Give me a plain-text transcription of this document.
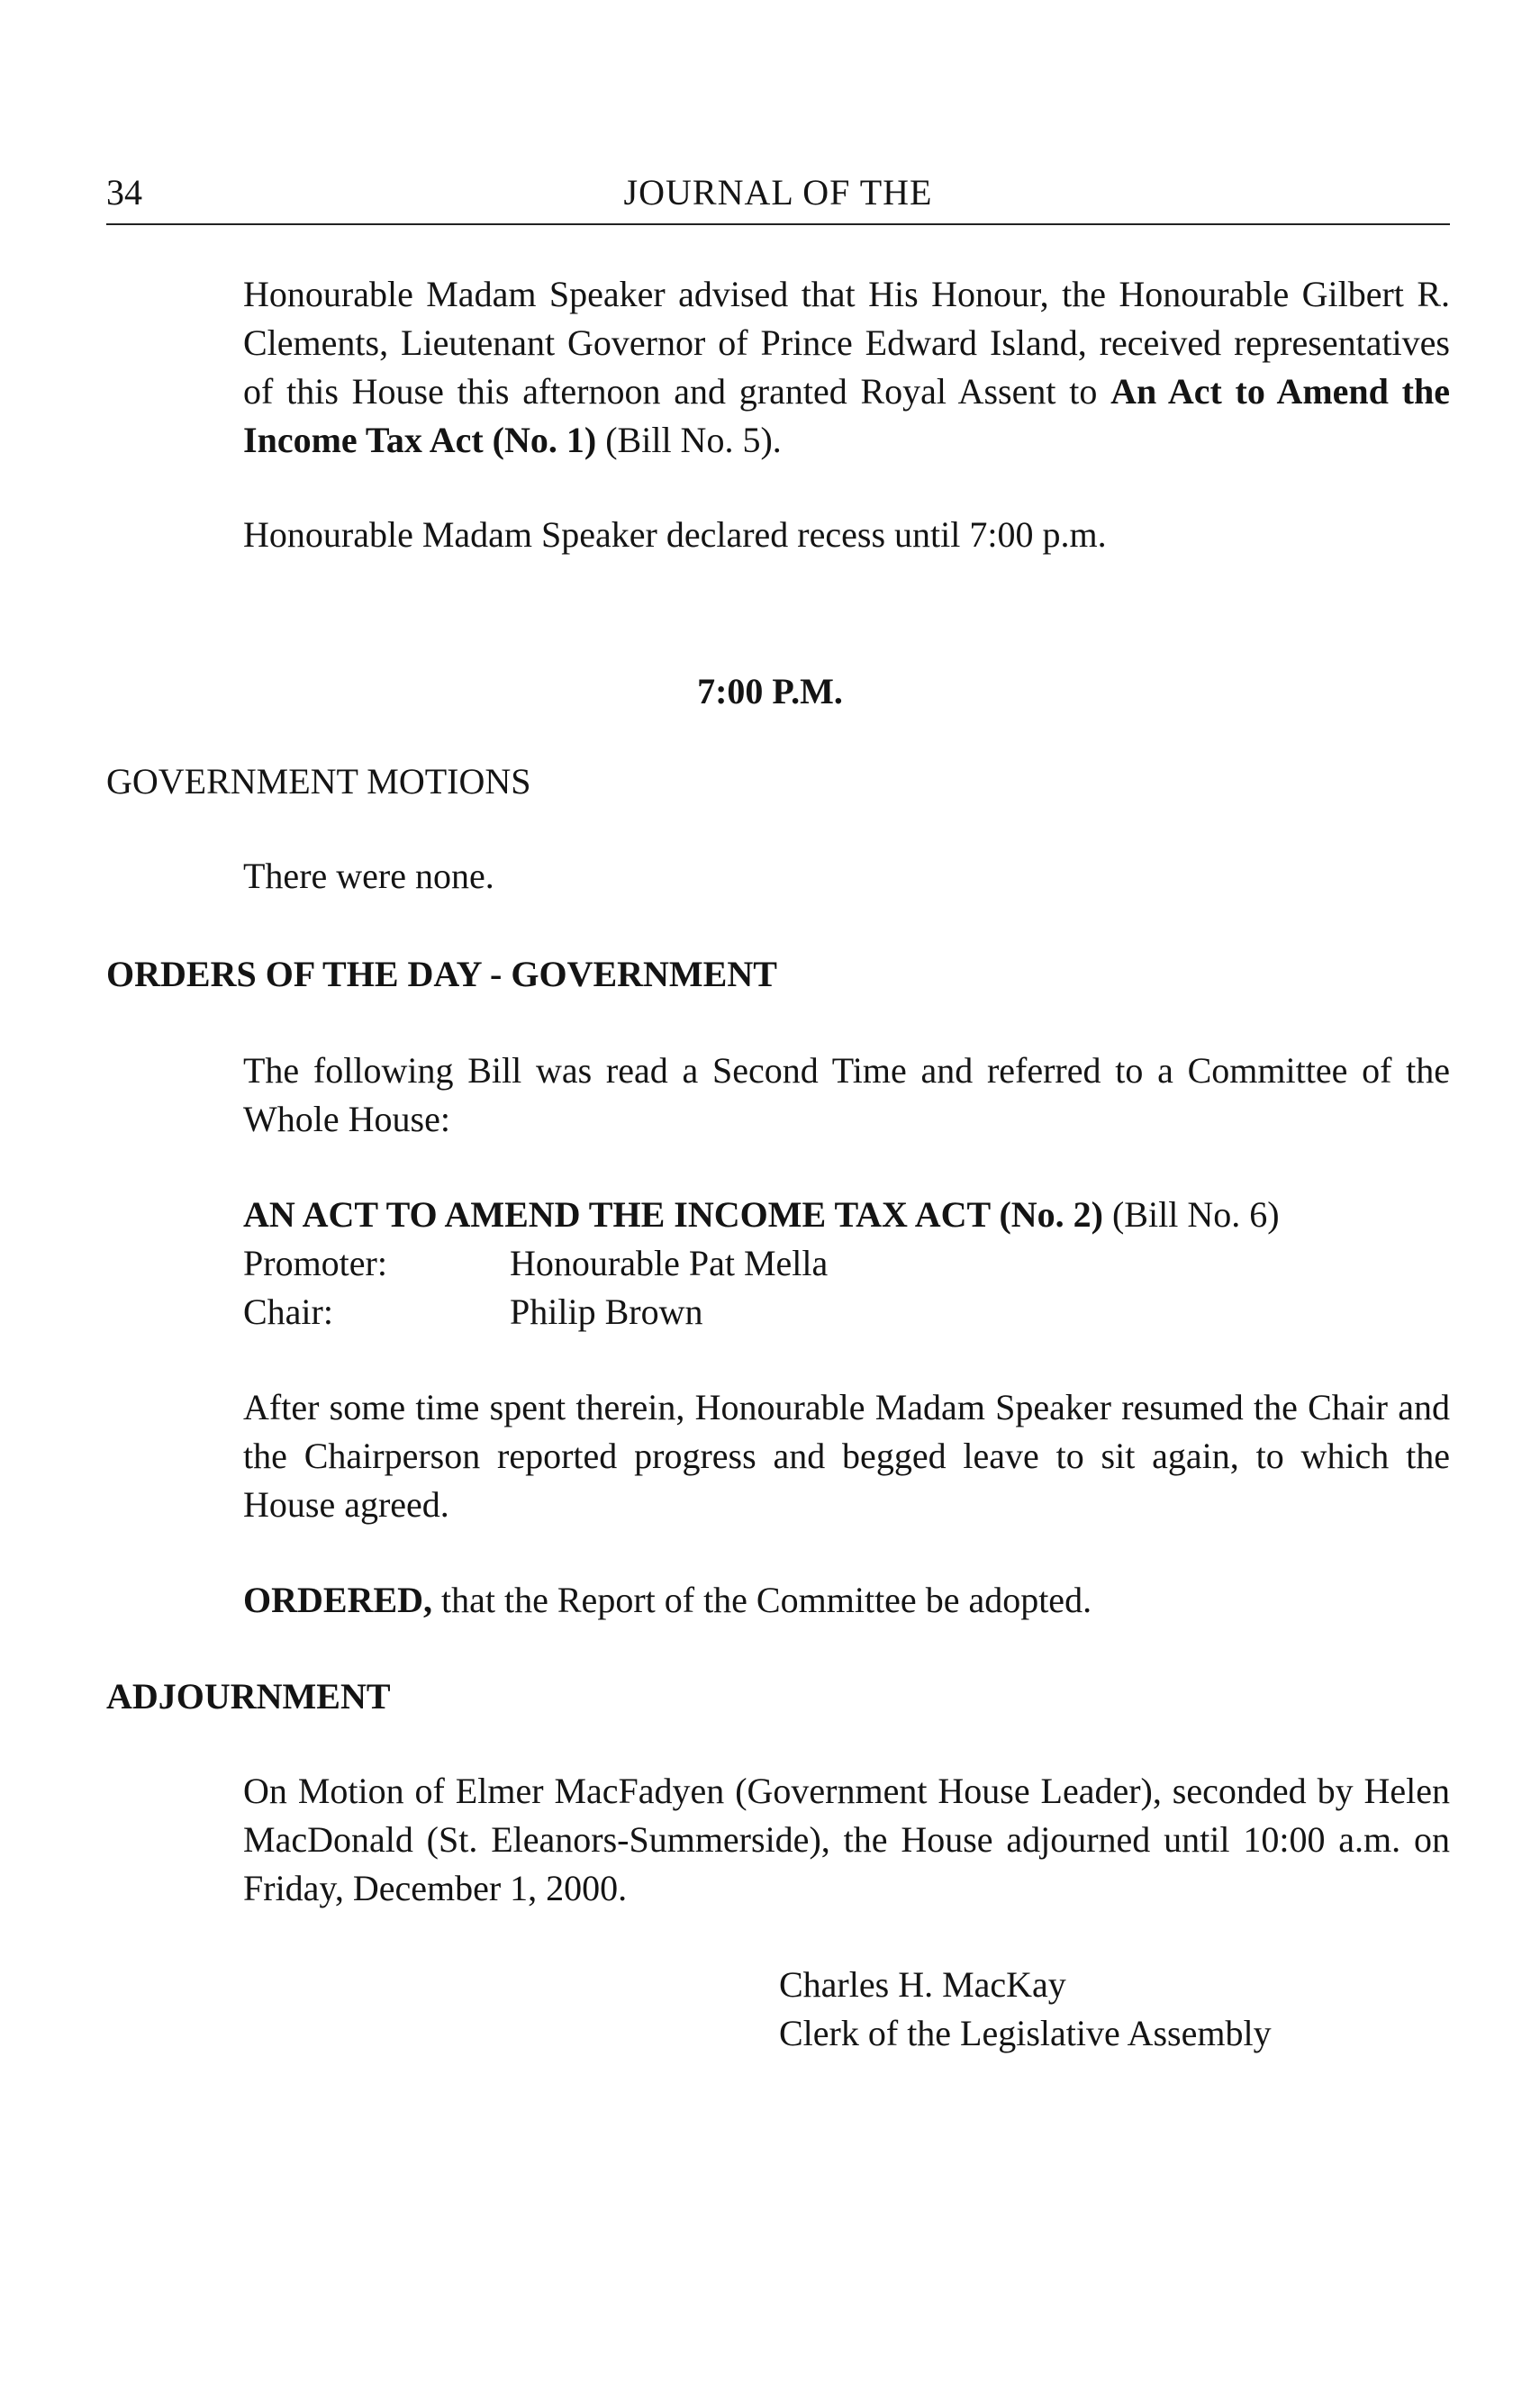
34	JOURNAL OF THE

Honourable Madam Speaker advised that His Honour, the Honourable Gilbert R. Clements, Lieutenant Governor of Prince Edward Island, received representatives of this House this afternoon and granted Royal Assent to An Act to Amend the Income Tax Act (No. 1) (Bill No. 5).

Honourable Madam Speaker declared recess until 7:00 p.m.

7:00 P.M.

GOVERNMENT MOTIONS

There were none.

ORDERS OF THE DAY - GOVERNMENT

The following Bill was read a Second Time and referred to a Committee of the Whole House:

AN ACT TO AMEND THE INCOME TAX ACT (No. 2) (Bill No. 6)
Promoter:	Honourable Pat Mella
Chair:	Philip Brown

After some time spent therein, Honourable Madam Speaker resumed the Chair and the Chairperson reported progress and begged leave to sit again, to which the House agreed.

ORDERED, that the Report of the Committee be adopted.

ADJOURNMENT

On Motion of Elmer MacFadyen (Government House Leader), seconded by Helen MacDonald (St. Eleanors-Summerside), the House adjourned until 10:00 a.m. on Friday, December 1, 2000.

Charles H. MacKay
Clerk of the Legislative Assembly
